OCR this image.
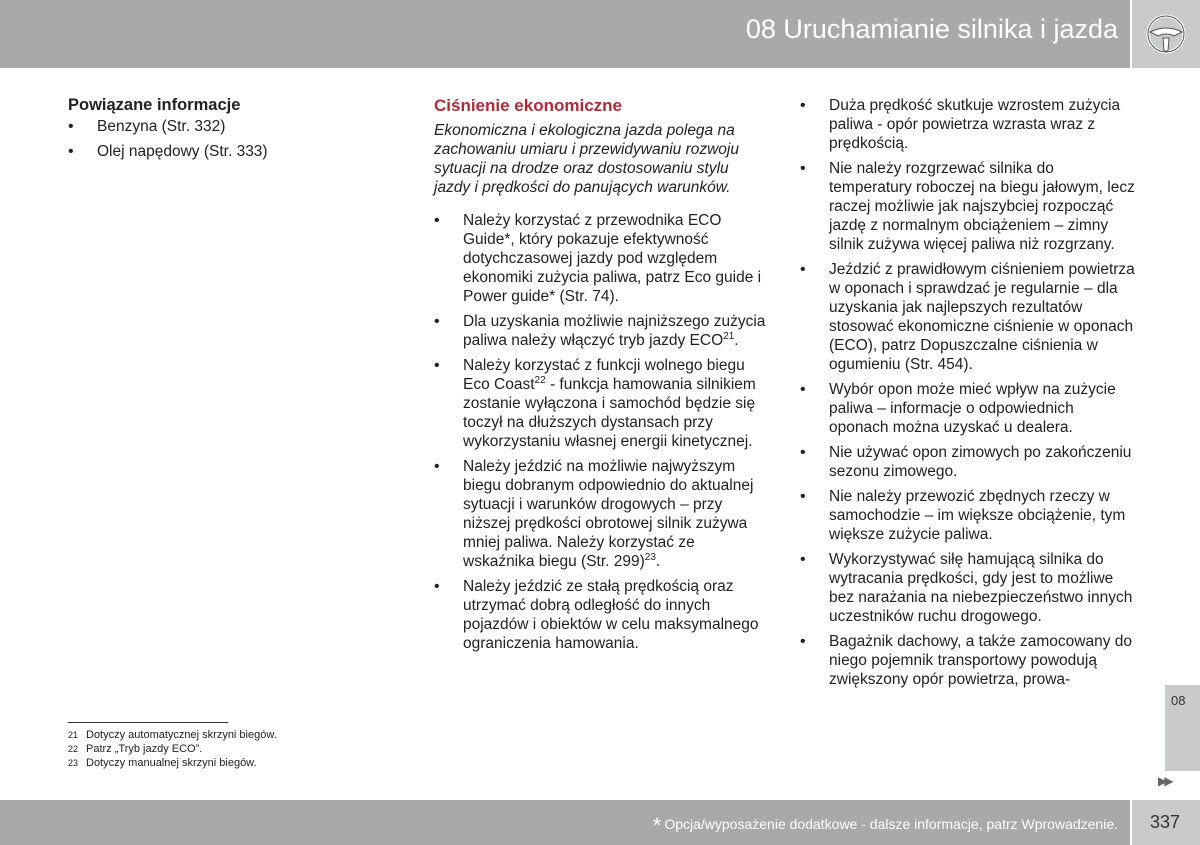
08 Uruchamianie silnika i jazda
Powiązane informacje
• Benzyna (Str. 332)
• Olej napędowy (Str. 333)
Ciśnienie ekonomiczne
Ekonomiczna i ekologiczna jazda polega na zachowaniu umiaru i przewidywaniu rozwoju sytuacji na drodze oraz dostosowaniu stylu jazdy i prędkości do panujących warunków.
• Należy korzystać z przewodnika ECO Guide*, który pokazuje efektywność dotychczasowej jazdy pod względem ekonomiki zużycia paliwa, patrz Eco guide i Power guide* (Str. 74).
• Dla uzyskania możliwie najniższego zużycia paliwa należy włączyć tryb jazdy ECO$^{21}$.
• Należy korzystać z funkcji wolnego biegu Eco Coast$^{22}$ - funkcja hamowania silnikiem zostanie wyłączona i samochód będzie się toczył na dłuższych dystansach przy wykorzystaniu własnej energii kinetycznej.
• Należy jeździć na możliwie najwyższym biegu dobranym odpowiednio do aktualnej sytuacji i warunków drogowych – przy niższej prędkości obrotowej silnik zużywa mniej paliwa. Należy korzystać ze wskaźnika biegu (Str. 299)$^{23}$.
• Należy jeździć ze stałą prędkością oraz utrzymać dobrą odległość do innych pojazdów i obiektów w celu maksymalnego ograniczenia hamowania.
• Duża prędkość skutkuje wzrostem zużycia paliwa - opór powietrza wzrasta wraz z prędkością.
• Nie należy rozgrzewać silnika do temperatury roboczej na biegu jałowym, lecz raczej możliwie jak najszybciej rozpocząć jazdę z normalnym obciążeniem – zimny silnik zużywa więcej paliwa niż rozgrzany.
• Jeździć z prawidłowym ciśnieniem powietrza w oponach i sprawdzać je regularnie – dla uzyskania jak najlepszych rezultatów stosować ekonomiczne ciśnienie w oponach (ECO), patrz Dopuszczalne ciśnienia w ogumieniu (Str. 454).
• Wybór opon może mieć wpływ na zużycie paliwa – informacje o odpowiednich oponach można uzyskać u dealera.
• Nie używać opon zimowych po zakończeniu sezonu zimowego.
• Nie należy przewozić zbędnych rzeczy w samochodzie – im większe obciążenie, tym większe zużycie paliwa.
• Wykorzystywać siłę hamującą silnika do wytracania prędkości, gdy jest to możliwe bez narażania na niebezpieczeństwo innych uczestników ruchu drogowego.
• Bagażnik dachowy, a także zamocowany do niego pojemnik transportowy powodują zwiększony opór powietrza, prowa-
21 Dotyczy automatycznej skrzyni biegów.
22 Patrz „Tryb jazdy ECO”.
23 Dotyczy manualnej skrzyni biegów.
08
▶▶
* Opcja/wyposażenie dodatkowe - dalsze informacje, patrz Wprowadzenie. 337
